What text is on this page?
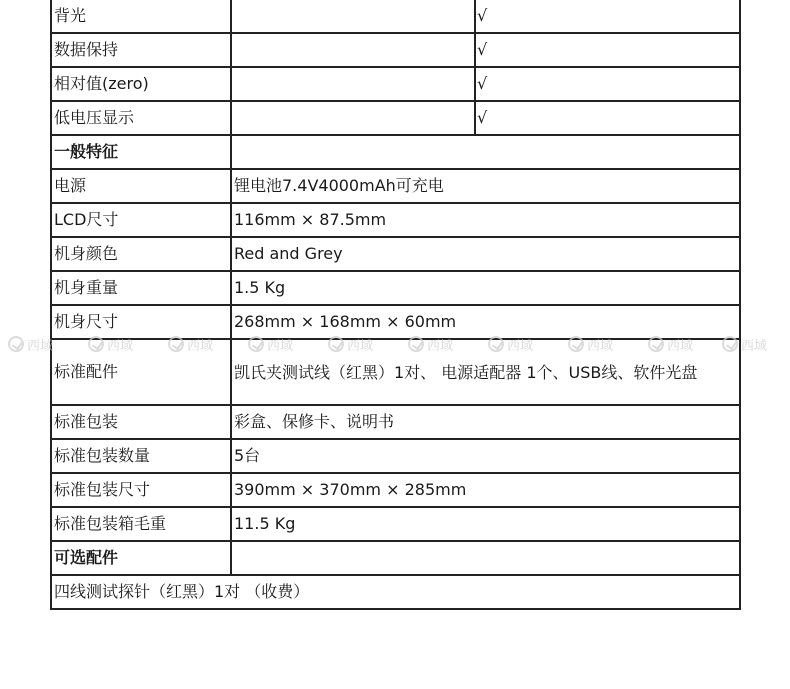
背光		√
数据保持		√
相对值(zero)		√
低电压显示		√
一般特征		
电源	锂电池7.4V4000mAh可充电	
LCD尺寸	116mm × 87.5mm	
机身颜色	Red and Grey	
机身重量	1.5 Kg	
机身尺寸	268mm × 168mm × 60mm	
标准配件	凯氏夹测试线（红黑）1对、 电源适配器 1个、USB线、软件光盘	
标准包装	彩盒、保修卡、说明书	
标准包装数量	5台	
标准包装尺寸	390mm × 370mm × 285mm	
标准包装箱毛重	11.5 Kg	
可选配件		
四线测试探针（红黑）1对 （收费）		
西域	西域	西域	西域	西域	西域	西域	西域	西域	西域
